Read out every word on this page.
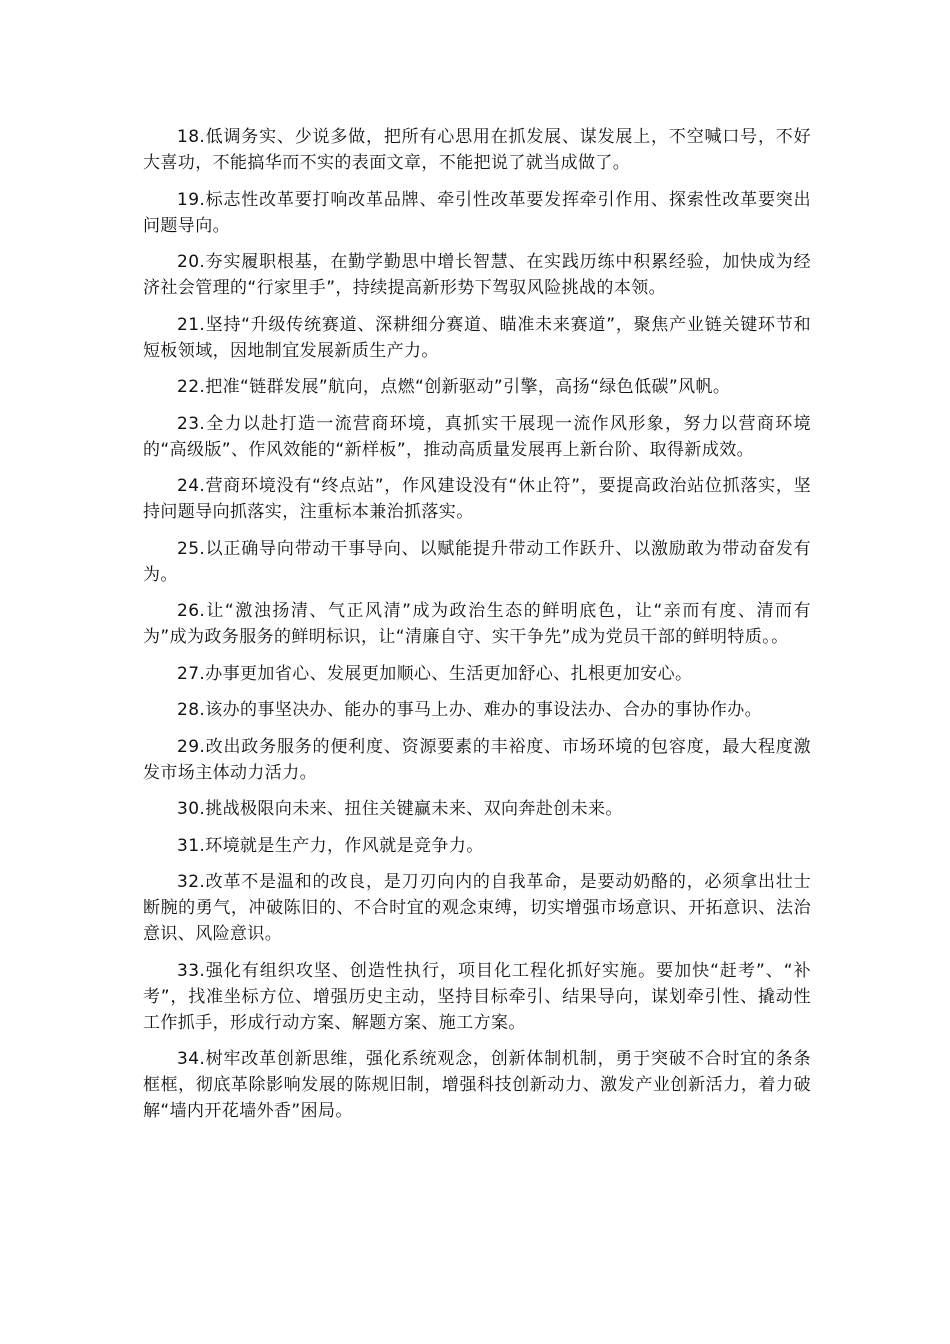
18.低调务实、少说多做，把所有心思用在抓发展、谋发展上，不空喊口号，不好大喜功，不能搞华而不实的表面文章，不能把说了就当成做了。

19.标志性改革要打响改革品牌、牵引性改革要发挥牵引作用、探索性改革要突出问题导向。

20.夯实履职根基，在勤学勤思中增长智慧、在实践历练中积累经验，加快成为经济社会管理的“行家里手”，持续提高新形势下驾驭风险挑战的本领。

21.坚持“升级传统赛道、深耕细分赛道、瞄准未来赛道”，聚焦产业链关键环节和短板领域，因地制宜发展新质生产力。

22.把准“链群发展”航向，点燃“创新驱动”引擎，高扬“绿色低碳”风帆。

23.全力以赴打造一流营商环境，真抓实干展现一流作风形象，努力以营商环境的“高级版”、作风效能的“新样板”，推动高质量发展再上新台阶、取得新成效。

24.营商环境没有“终点站”，作风建设没有“休止符”，要提高政治站位抓落实，坚持问题导向抓落实，注重标本兼治抓落实。

25.以正确导向带动干事导向、以赋能提升带动工作跃升、以激励敢为带动奋发有为。

26.让“激浊扬清、气正风清”成为政治生态的鲜明底色，让“亲而有度、清而有为”成为政务服务的鲜明标识，让“清廉自守、实干争先”成为党员干部的鲜明特质。。

27.办事更加省心、发展更加顺心、生活更加舒心、扎根更加安心。

28.该办的事坚决办、能办的事马上办、难办的事设法办、合办的事协作办。

29.改出政务服务的便利度、资源要素的丰裕度、市场环境的包容度，最大程度激发市场主体动力活力。

30.挑战极限向未来、扭住关键赢未来、双向奔赴创未来。

31.环境就是生产力，作风就是竞争力。

32.改革不是温和的改良，是刀刃向内的自我革命，是要动奶酪的，必须拿出壮士断腕的勇气，冲破陈旧的、不合时宜的观念束缚，切实增强市场意识、开拓意识、法治意识、风险意识。

33.强化有组织攻坚、创造性执行，项目化工程化抓好实施。要加快“赶考”、“补考”，找准坐标方位、增强历史主动，坚持目标牵引、结果导向，谋划牵引性、撬动性工作抓手，形成行动方案、解题方案、施工方案。

34.树牢改革创新思维，强化系统观念，创新体制机制，勇于突破不合时宜的条条框框，彻底革除影响发展的陈规旧制，增强科技创新动力、激发产业创新活力，着力破解“墙内开花墙外香”困局。
